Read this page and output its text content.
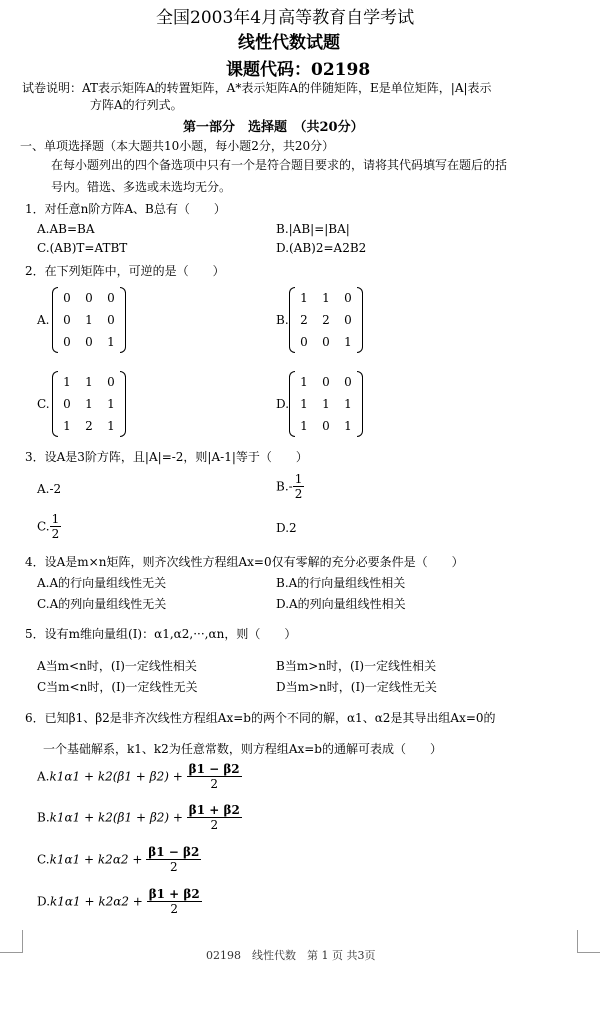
全国2003年4月高等教育自学考试
线性代数试题
课题代码：02198
试卷说明：AT表示矩阵A的转置矩阵，A*表示矩阵A的伴随矩阵，E是单位矩阵，|A|表示
方阵A的行列式。
第一部分　选择题　（共20分）
一、单项选择题（本大题共10小题，每小题2分，共20分）
在每小题列出的四个备选项中只有一个是符合题目要求的，请将其代码填写在题后的括
号内。错选、多选或未选均无分。
1．对任意n阶方阵A、B总有（　　）
A.AB=BA	B.|AB|=|BA|
C.(AB)T=ATBT	D.(AB)2=A2B2
2．在下列矩阵中，可逆的是（　　）
A.
0	0	0
0	1	0
0	0	1
B.
1	1	0
2	2	0
0	0	1
C.
1	1	0
0	1	1
1	2	1
D.
1	0	0
1	1	1
1	0	1
3．设A是3阶方阵，且|A|=-2，则|A-1|等于（　　）
A.-2	$B.- \frac{1}{2}$
C. $\frac{1}{2}$	D.2
4．设A是m×n矩阵，则齐次线性方程组Ax=0仅有零解的充分必要条件是（　　）
A.A的行向量组线性无关	B.A的行向量组线性相关
C.A的列向量组线性无关	D.A的列向量组线性相关
5．设有m维向量组(I)：α1,α2,···,αn，则（　　）
A当m<n时，(I)一定线性相关	B当m>n时，(I)一定线性相关
C当m<n时，(I)一定线性无关	D当m>n时，(I)一定线性无关
6．已知β1、β2是非齐次线性方程组Ax=b的两个不同的解，α1、α2是其导出组Ax=0的
一个基础解系，k1、k2为任意常数，则方程组Ax=b的通解可表成（　　）
$A.k1\alpha 1 + k2(\beta 1 + \beta 2) + \frac{\beta 1 - \beta 2}{2}$
$B.k1\alpha 1 + k2(\beta 1 + \beta 2) + \frac{\beta 1 + \beta 2}{2}$
$C.k1\alpha 1 + k2\alpha 2 + \frac{\beta 1 - \beta 2}{2}$
$D.k1\alpha 1 + k2\alpha 2 + \frac{\beta 1 + \beta 2}{2}$
02198　线性代数　第 1 页 共3页
